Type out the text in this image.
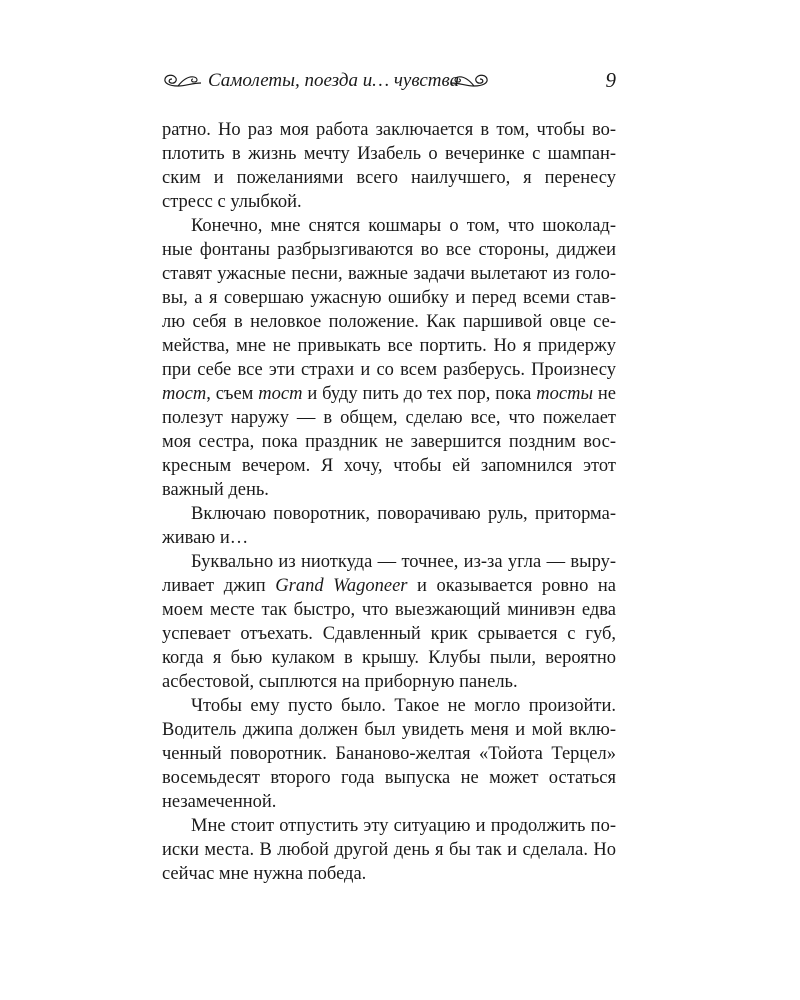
Самолеты, поезда и… чувства	9
ратно. Но раз моя работа заключается в том, чтобы во-
плотить в жизнь мечту Изабель о вечеринке с шампан-
ским и пожеланиями всего наилучшего, я перенесу
стресс с улыбкой.
Конечно, мне снятся кошмары о том, что шоколад-
ные фонтаны разбрызгиваются во все стороны, диджеи
ставят ужасные песни, важные задачи вылетают из голо-
вы, а я совершаю ужасную ошибку и перед всеми став-
лю себя в неловкое положение. Как паршивой овце се-
мейства, мне не привыкать все портить. Но я придержу
при себе все эти страхи и со всем разберусь. Произнесу
тост, съем тост и буду пить до тех пор, пока тосты не
полезут наружу — в общем, сделаю все, что пожелает
моя сестра, пока праздник не завершится поздним вос-
кресным вечером. Я хочу, чтобы ей запомнился этот
важный день.
Включаю поворотник, поворачиваю руль, приторма-
живаю и…
Буквально из ниоткуда — точнее, из-за угла — выру-
ливает джип Grand Wagoneer и оказывается ровно на
моем месте так быстро, что выезжающий минивэн едва
успевает отъехать. Сдавленный крик срывается с губ,
когда я бью кулаком в крышу. Клубы пыли, вероятно
асбестовой, сыплются на приборную панель.
Чтобы ему пусто было. Такое не могло произойти.
Водитель джипа должен был увидеть меня и мой вклю-
ченный поворотник. Бананово-желтая «Тойота Терцел»
восемьдесят второго года выпуска не может остаться
незамеченной.
Мне стоит отпустить эту ситуацию и продолжить по-
иски места. В любой другой день я бы так и сделала. Но
сейчас мне нужна победа.
